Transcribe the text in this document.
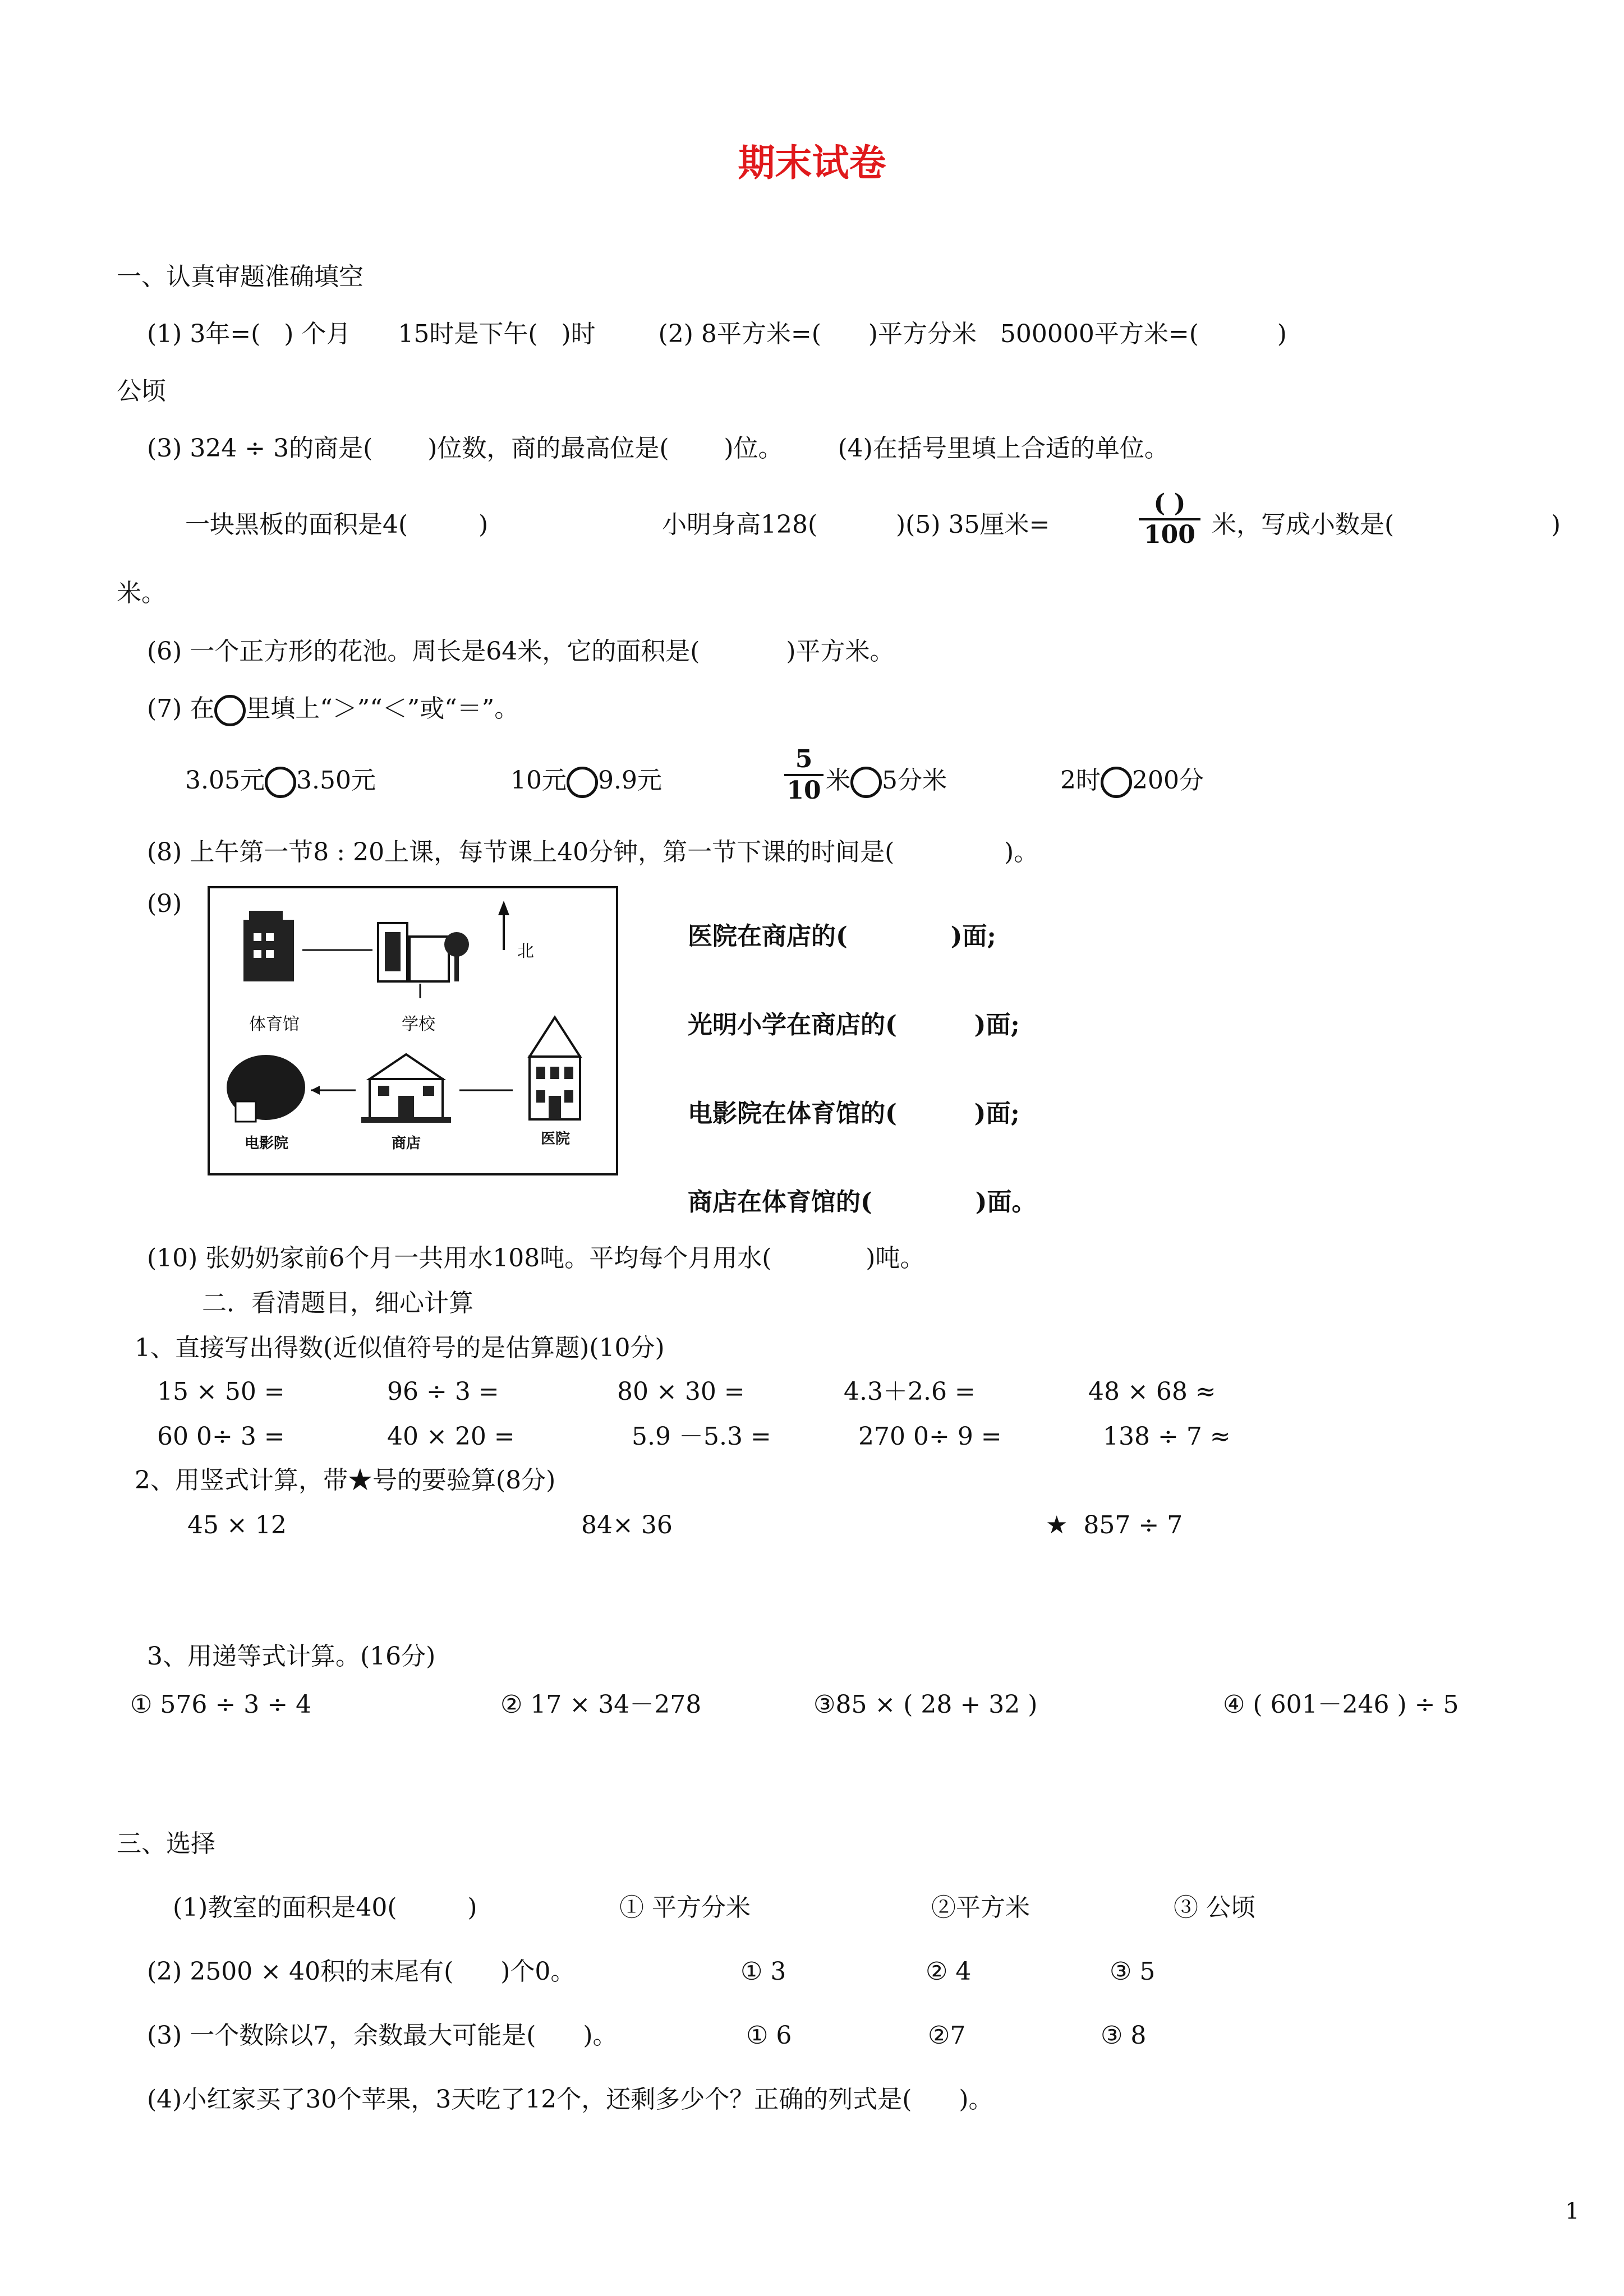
期末试卷
一、认真审题准确填空
(1) 3年=(   ) 个月      15时是下午(   )时        (2) 8平方米=(      )平方分米   500000平方米=(          )
公顷
(3) 324 ÷ 3的商是(       )位数，商的最高位是(       )位。       (4)在括号里填上合适的单位。
一块黑板的面积是4(         )	小明身高128(          )(5) 35厘米=
( )
100 米，写成小数是(                    )
米。
(6) 一个正方形的花池。周长是64米，它的面积是(           )平方米。
(7) 在 里填上“＞”“＜”或“＝”。
3.05元 3.50元	10元 9.9元
5
10 米 5分米	2时 200分
(8) 上午第一节8 : 20上课，每节课上40分钟，第一节下课的时间是(              )。
(9)
北
体育馆	学校
电影院	商店	医院
医院在商店的(            )面;
光明小学在商店的(         )面;
电影院在体育馆的(         )面;
商店在体育馆的(            )面。
(10) 张奶奶家前6个月一共用水108吨。平均每个月用水(            )吨。
二．看清题目，细心计算
1、直接写出得数(近似值符号的是估算题)(10分)
15 × 50 =	96 ÷ 3 =	80 × 30 =	4.3＋2.6 =	48 × 68 ≈
60 0÷ 3 =	40 × 20 =	5.9 －5.3 =	270 0÷ 9 =	138 ÷ 7 ≈
2、用竖式计算，带★号的要验算(8分)
45 × 12	84× 36	★  857 ÷ 7
3、用递等式计算。(16分)
① 576 ÷ 3 ÷ 4	② 17 × 34－278	③85 × ( 28 + 32 )	④ ( 601－246 ) ÷ 5
三、选择
(1)教室的面积是40(         )	① 平方分米	②平方米	③ 公顷
(2) 2500 × 40积的末尾有(      )个0。	① 3	② 4	③ 5
(3) 一个数除以7，余数最大可能是(      )。	① 6	②7	③ 8
(4)小红家买了30个苹果，3天吃了12个，还剩多少个？正确的列式是(      )。
1
